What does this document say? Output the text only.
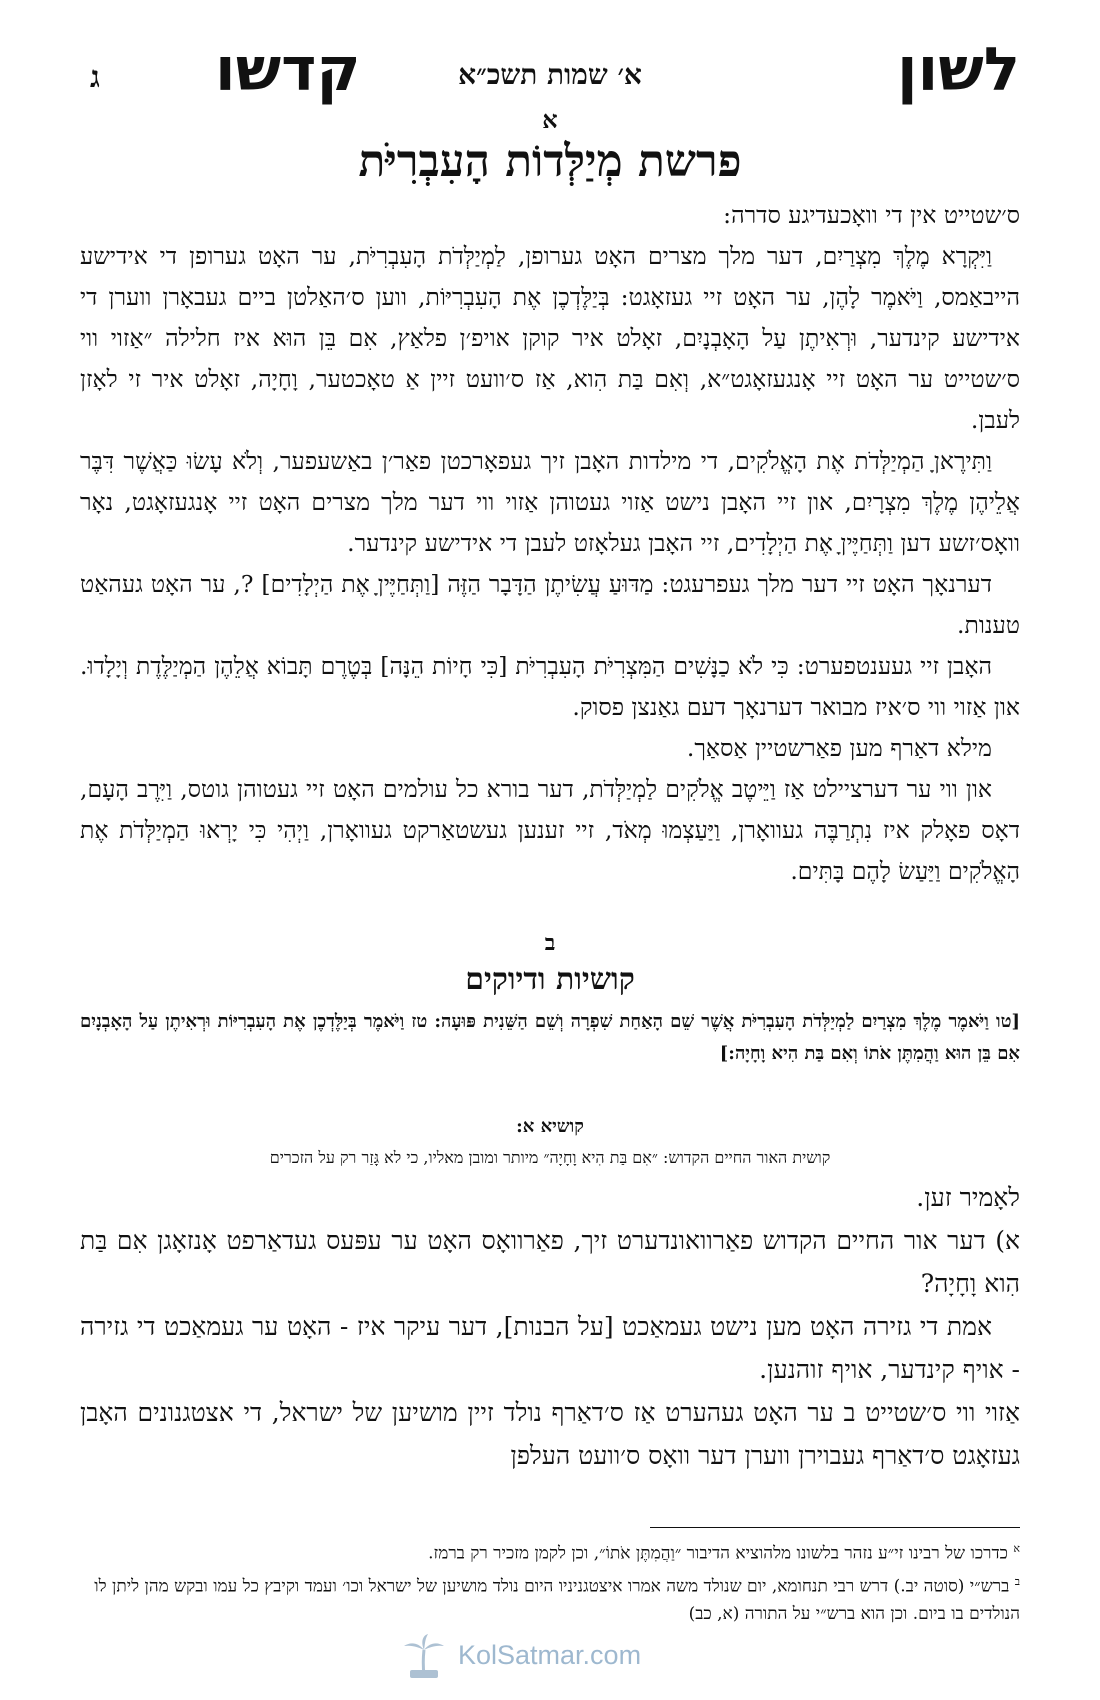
לשון
א׳ שמות תשכ״א
קדשו
ג
א
פרשת מְיַלְּדוֹת הָעִבְרִיֹּת

ס׳שטייט אין די וואָכעדיגע סדרה:

וַיִּקְרָא מֶלֶךְ מִצְרַיִם, דער מלך מצרים האָט גערופן, לַמְיַלְּדֹת הָעִבְרִיֹּת, ער האָט גערופן די אידישע הייבאַמס, וַיֹּאמֶר לָהֶן, ער האָט זיי געזאָגט: בְּיַלֶּדְכֶן אֶת הָעִבְרִיּוֹת, ווען ס׳האַלטן ביים געבאָרן ווערן די אידישע קינדער, וּרְאִיתֶן עַל הָאָבְנָיִם, זאָלט איר קוקן אויפ׳ן פלאַץ, אִם בֵּן הוּא איז חלילה ״אַזוי ווי ס׳שטייט ער האָט זיי אָנגעזאָגט״א, וְאִם בַּת הִוא, אַז ס׳וועט זיין אַ טאָכטער, וָחָיָה, זאָלט איר זי לאָזן לעבן.

וַתִּירֶאןָ הַמְיַלְּדֹת אֶת הָאֱלֹקִים, די מילדות האָבן זיך געפאָרכטן פאַר׳ן באַשעפער, וְלֹא עָשׂוּ כַּאֲשֶׁר דִּבֶּר אֲלֵיהֶן מֶלֶךְ מִצְרָיִם, און זיי האָבן נישט אַזוי געטוהן אַזוי ווי דער מלך מצרים האָט זיי אָנגעזאָגט, נאָר וואָס׳זשע דען וַתְּחַיֶּיןָ אֶת הַיְלָדִים, זיי האָבן געלאָזט לעבן די אידישע קינדער.

דערנאָך האָט זיי דער מלך געפרעגט: מַדּוּעַ עֲשִׂיתֶן הַדָּבָר הַזֶּה [וַתְּחַיֶּיןָ אֶת הַיְלָדִים] ?, ער האָט געהאַט טענות.

האָבן זיי געענטפערט: כִּי לֹא כַנָּשִׁים הַמִּצְרִיֹּת הָעִבְרִיֹּת [כִּי חָיוֹת הֵנָּה] בְּטֶרֶם תָּבוֹא אֲלֵהֶן הַמְיַלֶּדֶת וְיָלָדוּ. און אַזוי ווי ס׳איז מבואר דערנאָך דעם גאַנצן פסוק.

מילא דאַרף מען פאַרשטיין אַסאַך.

און ווי ער דערציילט אַז וַיֵּיטֶב אֱלֹקִים לַמְיַלְּדֹת, דער בורא כל עולמים האָט זיי געטוהן גוטס, וַיִּרֶב הָעָם, דאָס פאָלק איז נִתְרַבֶּה געוואָרן, וַיַּעַצְמוּ מְאֹד, זיי זענען געשטאַרקט געוואָרן, וַיְהִי כִּי יָרְאוּ הַמְיַלְּדֹת אֶת הָאֱלֹקִים וַיַּעַשׂ לָהֶם בָּתִּים.

ב
קושיות ודיוקים

[טו וַיֹּאמֶר מֶלֶךְ מִצְרַיִם לַמְיַלְּדֹת הָעִבְרִיֹּת אֲשֶׁר שֵׁם הָאַחַת שִׁפְרָה וְשֵׁם הַשֵּׁנִית פּוּעָה: טז וַיֹּאמֶר בְּיַלֶּדְכֶן אֶת הָעִבְרִיּוֹת וּרְאִיתֶן עַל הָאָבְנָיִם אִם בֵּן הוּא וַהֲמִתֶּן אֹתוֹ וְאִם בַּת הִיא וָחָיָה:]

קושיא א:
קושית האור החיים הקדוש: ״אִם בַּת הִיא וָחָיָה״ מיותר ומובן מאליו, כי לא גָּזַר רק על הזכרים

לאָמיר זען.

א) דער אור החיים הקדוש פאַרוואונדערט זיך, פאַרוואָס האָט ער עפּעס געדאַרפט אָנזאָגן אִם בַּת הִוא וָחָיָה?

אמת די גזירה האָט מען נישט געמאַכט [על הבנות], דער עיקר איז - האָט ער געמאַכט די גזירה - אויף קינדער, אויף זוהנען.

אַזוי ווי ס׳שטייט ב ער האָט געהערט אַז ס׳דאַרף נולד זיין מושיען של ישראל, די אצטגנונים האָבן געזאָגט ס׳דאַרף געבוירן ווערן דער וואָס ס׳וועט העלפן

$^א$ כדרכו של רבינו זי״ע נזהר בלשונו מלהוציא הדיבור ״וַהֲמִתֶּן אֹתוֹ״, וכן לקמן מזכיר רק ברמז.

$^ב$ ברש״י (סוטה יב.) דרש רבי תנחומא, יום שנולד משה אמרו איצטגניניו היום נולד מושיען של ישראל וכו׳ ועמד וקיבץ כל עמו ובקש מהן ליתן לו הנולדים בו ביום. וכן הוא ברש״י על התורה (א, כב)

KolSatmar.com
